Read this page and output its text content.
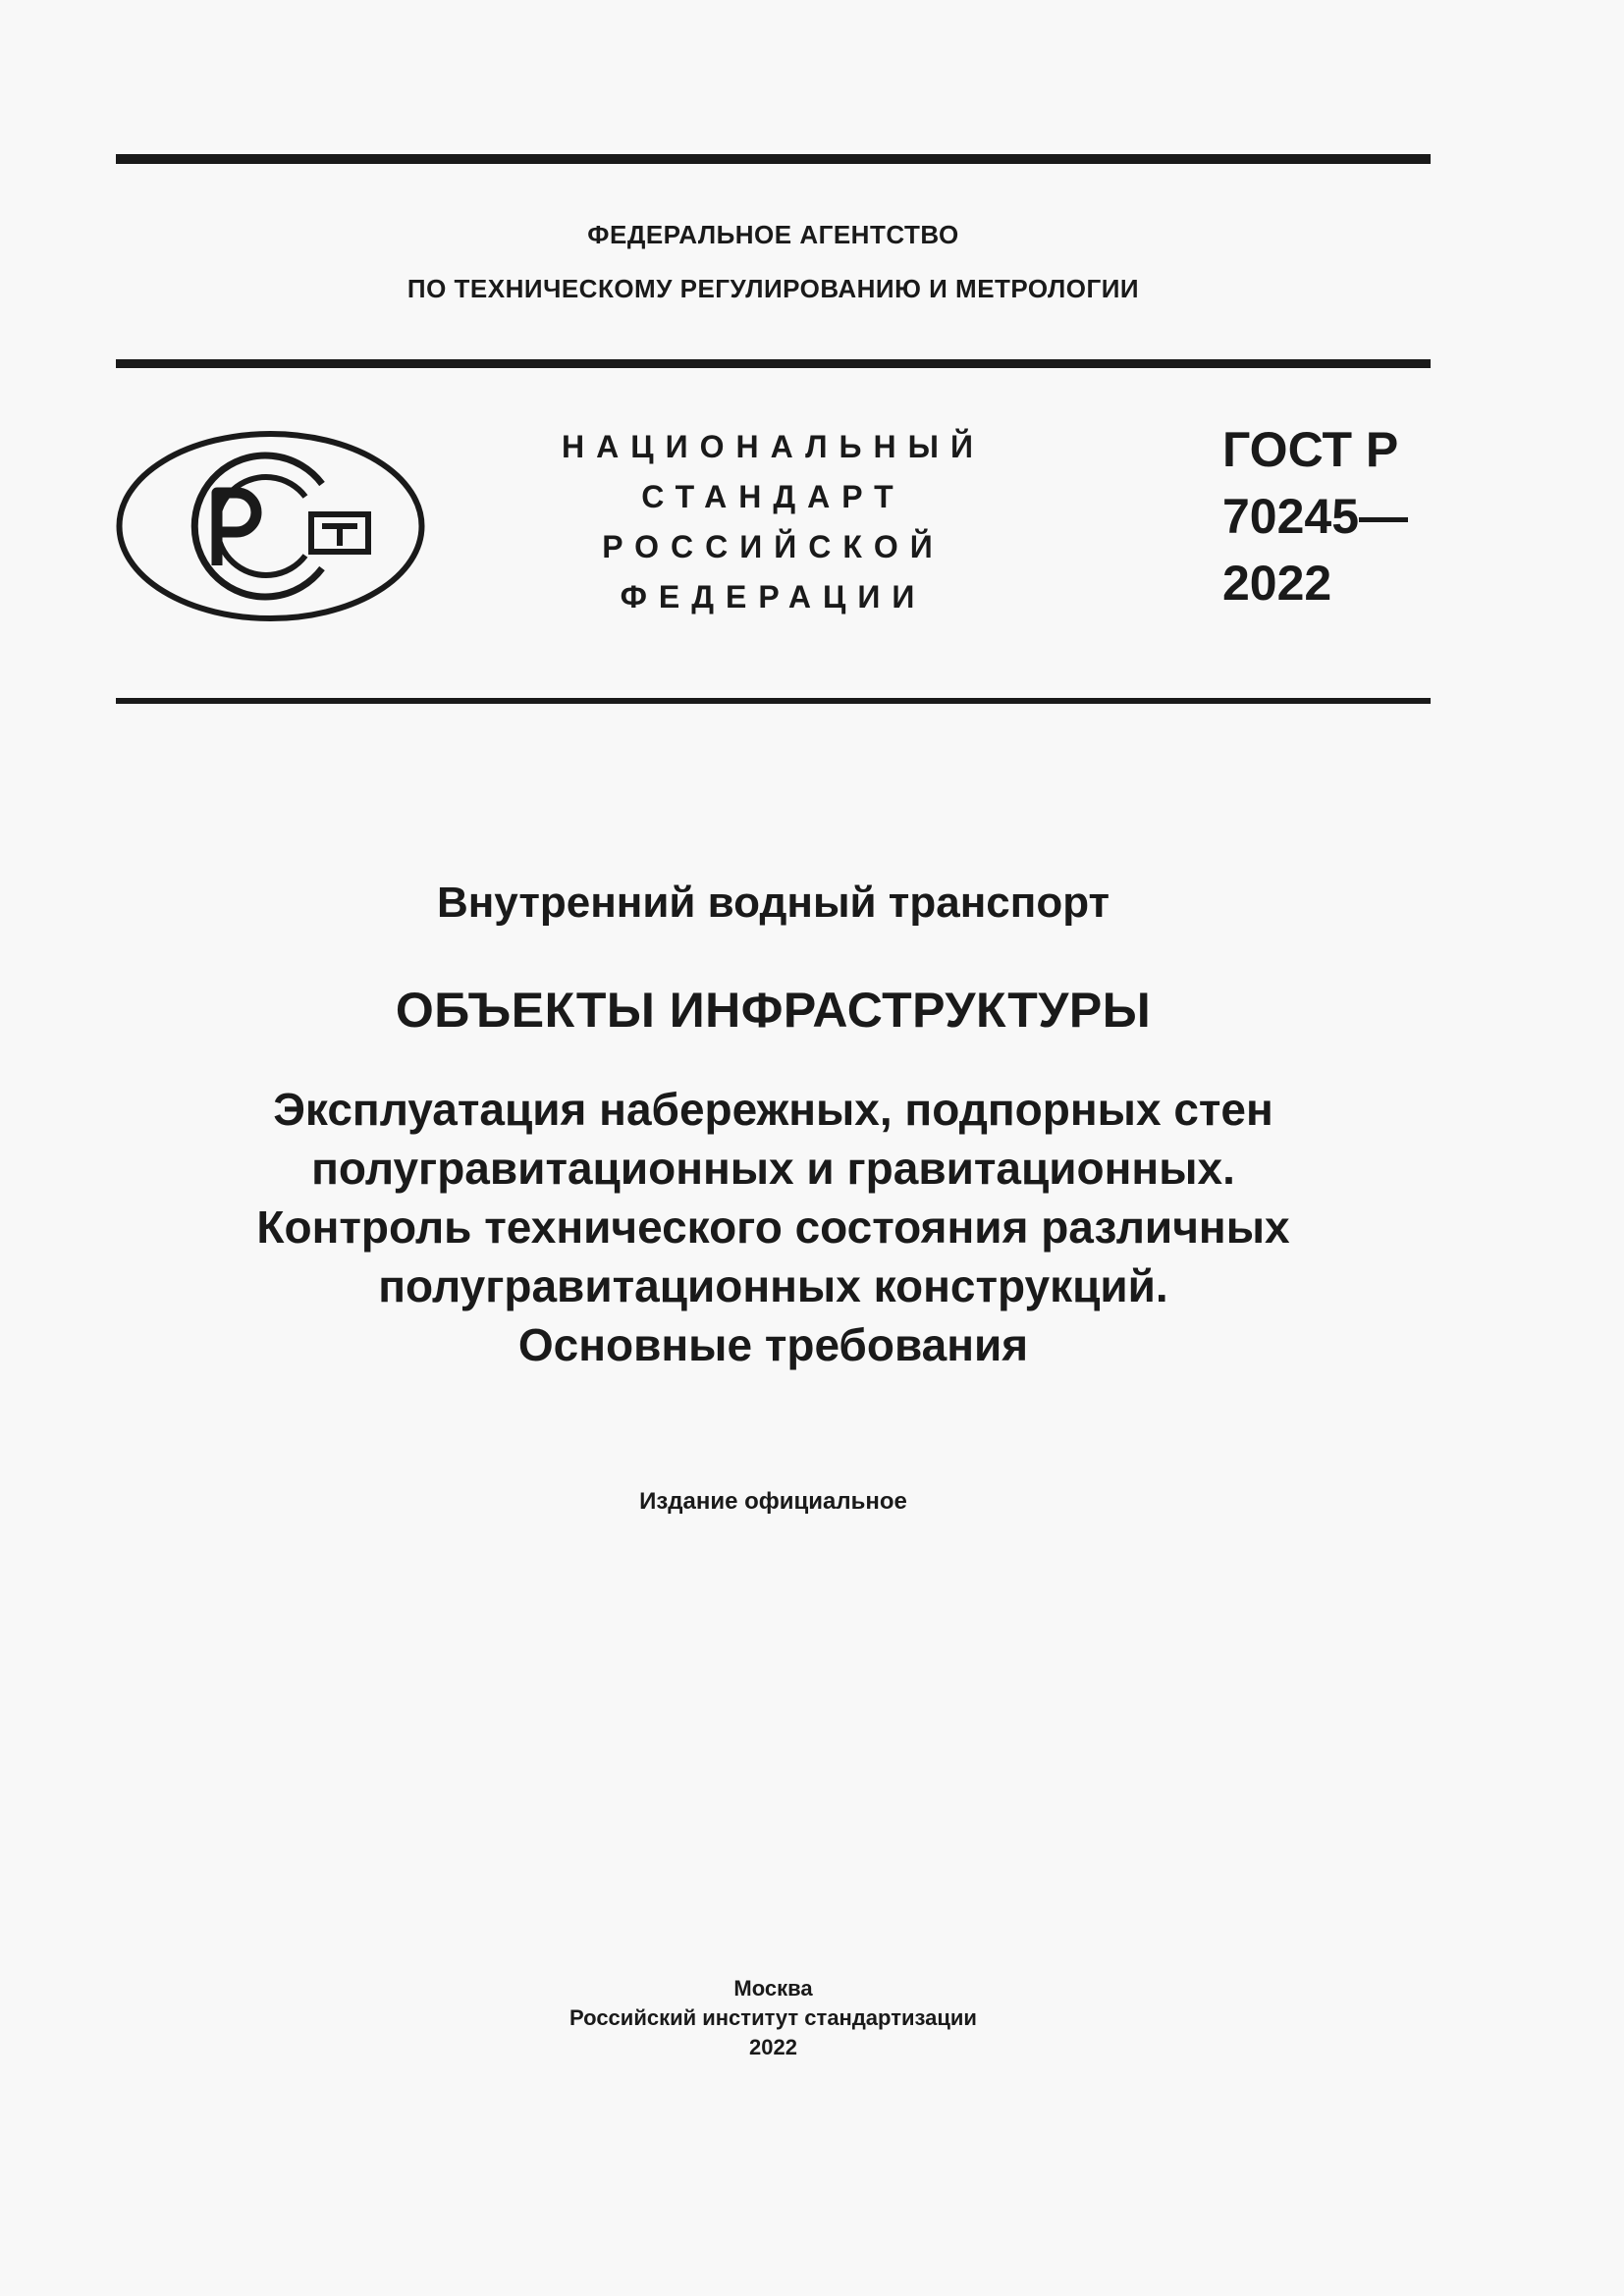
ФЕДЕРАЛЬНОЕ АГЕНТСТВО
ПО ТЕХНИЧЕСКОМУ РЕГУЛИРОВАНИЮ И МЕТРОЛОГИИ
НАЦИОНАЛЬНЫЙ
СТАНДАРТ
РОССИЙСКОЙ
ФЕДЕРАЦИИ
ГОСТ Р
70245—
2022
Внутренний водный транспорт
ОБЪЕКТЫ ИНФРАСТРУКТУРЫ
Эксплуатация набережных, подпорных стен
полугравитационных и гравитационных.
Контроль технического состояния различных
полугравитационных конструкций.
Основные требования
Издание официальное
Москва
Российский институт стандартизации
2022
